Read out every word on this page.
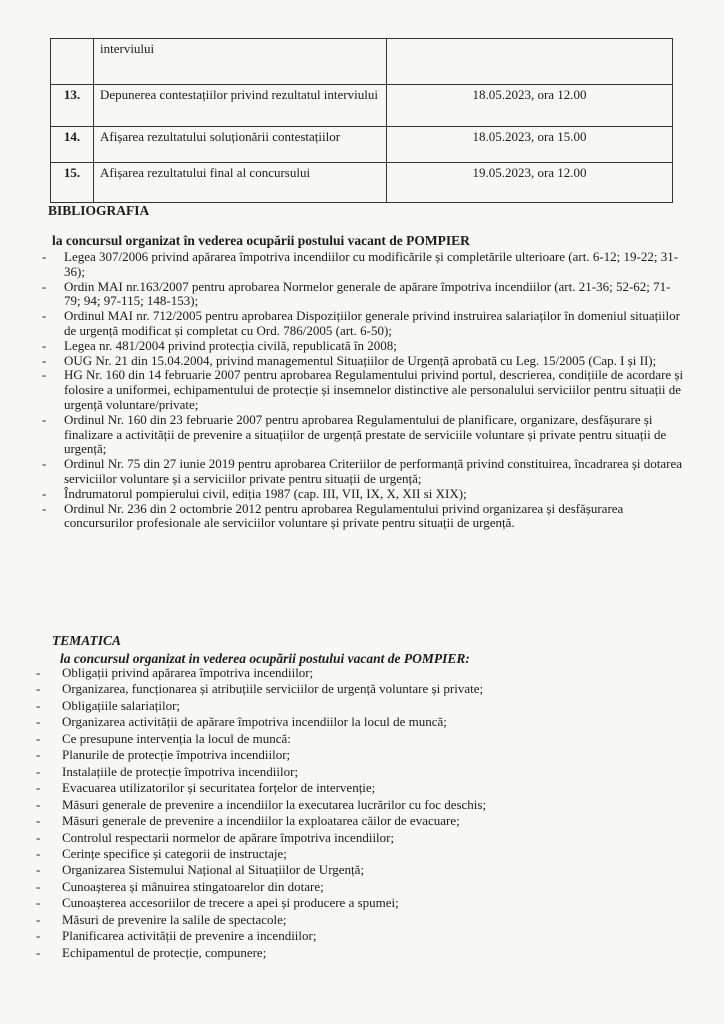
	interviului	
13.	Depunerea contestațiilor privind rezultatul interviului	18.05.2023, ora 12.00
14.	Afișarea rezultatului soluționării contestațiilor	18.05.2023, ora 15.00
15.	Afișarea rezultatului final al concursului	19.05.2023, ora 12.00
BIBLIOGRAFIA
la concursul organizat în vederea ocupării postului vacant de POMPIER
- Legea 307/2006 privind apărarea împotriva incendiilor cu modificările și completările ulterioare (art. 6-12; 19-22; 31-36);
- Ordin MAI nr.163/2007 pentru aprobarea Normelor generale de apărare împotriva incendiilor (art. 21-36; 52-62; 71-79; 94; 97-115; 148-153);
- Ordinul MAI nr. 712/2005 pentru aprobarea Dispozițiilor generale privind instruirea salariaților în domeniul situațiilor de urgență modificat și completat cu Ord. 786/2005 (art. 6-50);
- Legea nr. 481/2004 privind protecția civilă, republicată în 2008;
- OUG Nr. 21 din 15.04.2004, privind managementul Situațiilor de Urgență aprobată cu Leg. 15/2005 (Cap. I și II);
- HG Nr. 160 din 14 februarie 2007 pentru aprobarea Regulamentului privind portul, descrierea, condițiile de acordare și folosire a uniformei, echipamentului de protecție și insemnelor distinctive ale personalului serviciilor pentru situații de urgență voluntare/private;
- Ordinul Nr. 160 din 23 februarie 2007 pentru aprobarea Regulamentului de planificare, organizare, desfășurare și finalizare a activității de prevenire a situațiilor de urgență prestate de serviciile voluntare și private pentru situații de urgență;
- Ordinul Nr. 75 din 27 iunie 2019 pentru aprobarea Criteriilor de performanță privind constituirea, încadrarea și dotarea serviciilor voluntare și a serviciilor private pentru situații de urgență;
- Îndrumatorul pompierului civil, ediția 1987 (cap. III, VII, IX, X, XII si XIX);
- Ordinul Nr. 236 din 2 octombrie 2012 pentru aprobarea Regulamentului privind organizarea și desfășurarea concursurilor profesionale ale serviciilor voluntare și private pentru situații de urgență.
TEMATICA
la concursul organizat in vederea ocupării postului vacant de POMPIER:
- Obligații privind apărarea împotriva incendiilor;
- Organizarea, funcționarea și atribuțiile serviciilor de urgență voluntare și private;
- Obligațiile salariaților;
- Organizarea activității de apărare împotriva incendiilor la locul de muncă;
- Ce presupune intervenția la locul de muncă:
- Planurile de protecție împotriva incendiilor;
- Instalațiile de protecție împotriva incendiilor;
- Evacuarea utilizatorilor și securitatea forțelor de intervenție;
- Măsuri generale de prevenire a incendiilor la executarea lucrărilor cu foc deschis;
- Măsuri generale de prevenire a incendiilor la exploatarea căilor de evacuare;
- Controlul respectarii normelor de apărare împotriva incendiilor;
- Cerințe specifice și categorii de instructaje;
- Organizarea Sistemului Național al Situațiilor de Urgență;
- Cunoașterea și mânuirea stingatoarelor din dotare;
- Cunoașterea accesoriilor de trecere a apei și producere a spumei;
- Măsuri de prevenire la salile de spectacole;
- Planificarea activității de prevenire a incendiilor;
- Echipamentul de protecție, compunere;
